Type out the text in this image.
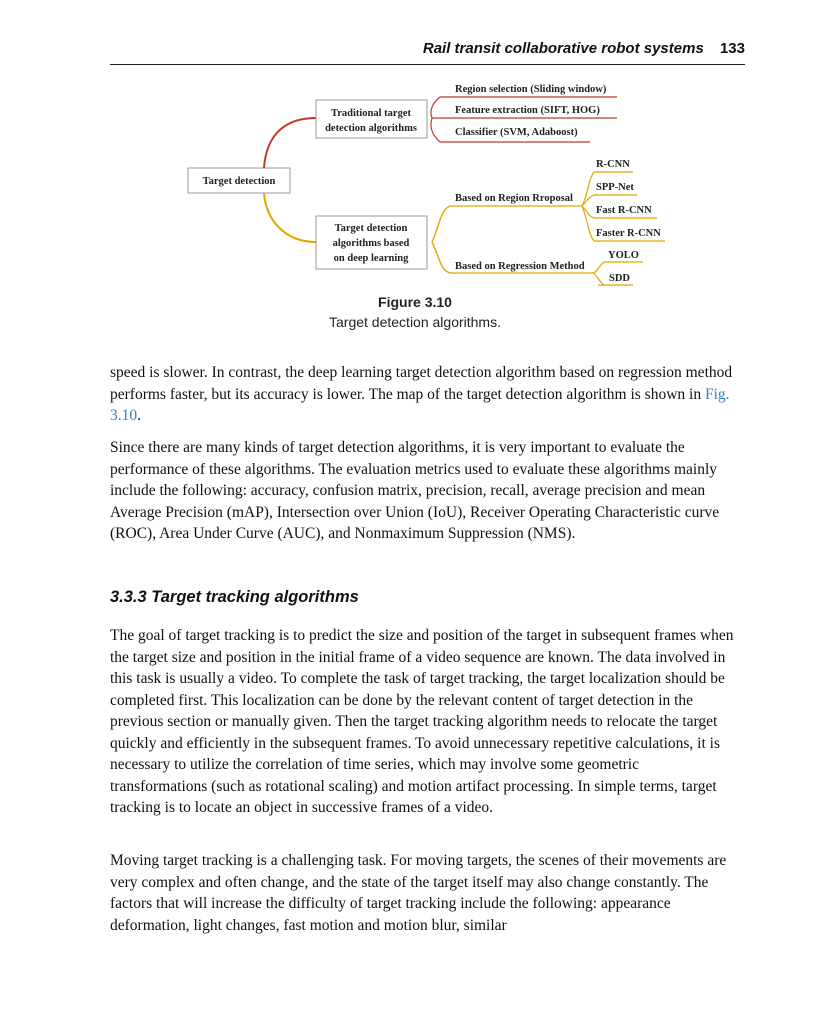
Rail transit collaborative robot systems 133
Target detection
Traditional target
detection algorithms
Region selection (Sliding window)
Feature extraction (SIFT, HOG)
Classifier (SVM, Adaboost)
Target detection
algorithms based
on deep learning
Based on Region Rroposal
R-CNN
SPP-Net
Fast R-CNN
Faster R-CNN
Based on Regression Method
YOLO
SDD
Figure 3.10
Target detection algorithms.

speed is slower. In contrast, the deep learning target detection algorithm based on regression method performs faster, but its accuracy is lower. The map of the target detection algorithm is shown in Fig. 3.10.

Since there are many kinds of target detection algorithms, it is very important to evaluate the performance of these algorithms. The evaluation metrics used to evaluate these algorithms mainly include the following: accuracy, confusion matrix, precision, recall, average precision and mean Average Precision (mAP), Intersection over Union (IoU), Receiver Operating Characteristic curve (ROC), Area Under Curve (AUC), and Nonmaximum Suppression (NMS).

3.3.3 Target tracking algorithms

The goal of target tracking is to predict the size and position of the target in subsequent frames when the target size and position in the initial frame of a video sequence are known. The data involved in this task is usually a video. To complete the task of target tracking, the target localization should be completed first. This localization can be done by the relevant content of target detection in the previous section or manually given. Then the target tracking algorithm needs to relocate the target quickly and efficiently in the subsequent frames. To avoid unnecessary repetitive calculations, it is necessary to utilize the correlation of time series, which may involve some geometric transformations (such as rotational scaling) and motion artifact processing. In simple terms, target tracking is to locate an object in successive frames of a video.

Moving target tracking is a challenging task. For moving targets, the scenes of their movements are very complex and often change, and the state of the target itself may also change constantly. The factors that will increase the difficulty of target tracking include the following: appearance deformation, light changes, fast motion and motion blur, similar
